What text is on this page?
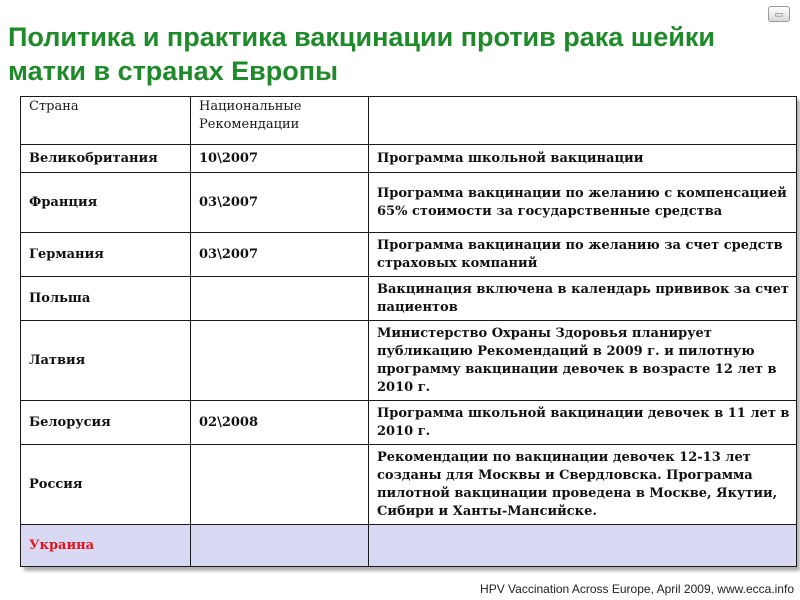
▭
Политика и практика вакцинации против рака шейки матки в странах Европы
Страна	Национальные Рекомендации	
Великобритания	10\2007	Программа школьной вакцинации
Франция	03\2007	Программа вакцинации по желанию с компенсацией 65% стоимости за государственные средства
Германия	03\2007	Программа вакцинации по желанию за счет средств страховых компаний
Польша		Вакцинация включена в календарь прививок за счет пациентов
Латвия		Министерство Охраны Здоровья планирует публикацию Рекомендаций в 2009 г. и пилотную программу вакцинации девочек в возрасте 12 лет в 2010 г.
Белорусия	02\2008	Программа школьной вакцинации девочек в 11 лет в 2010 г.
Россия		Рекомендации по вакцинации девочек 12-13 лет созданы для Москвы и Свердловска. Программа пилотной вакцинации проведена в Москве, Якутии, Сибири и Ханты-Мансийске.
Украина		
HPV Vaccination Across Europe, April 2009, www.ecca.info
